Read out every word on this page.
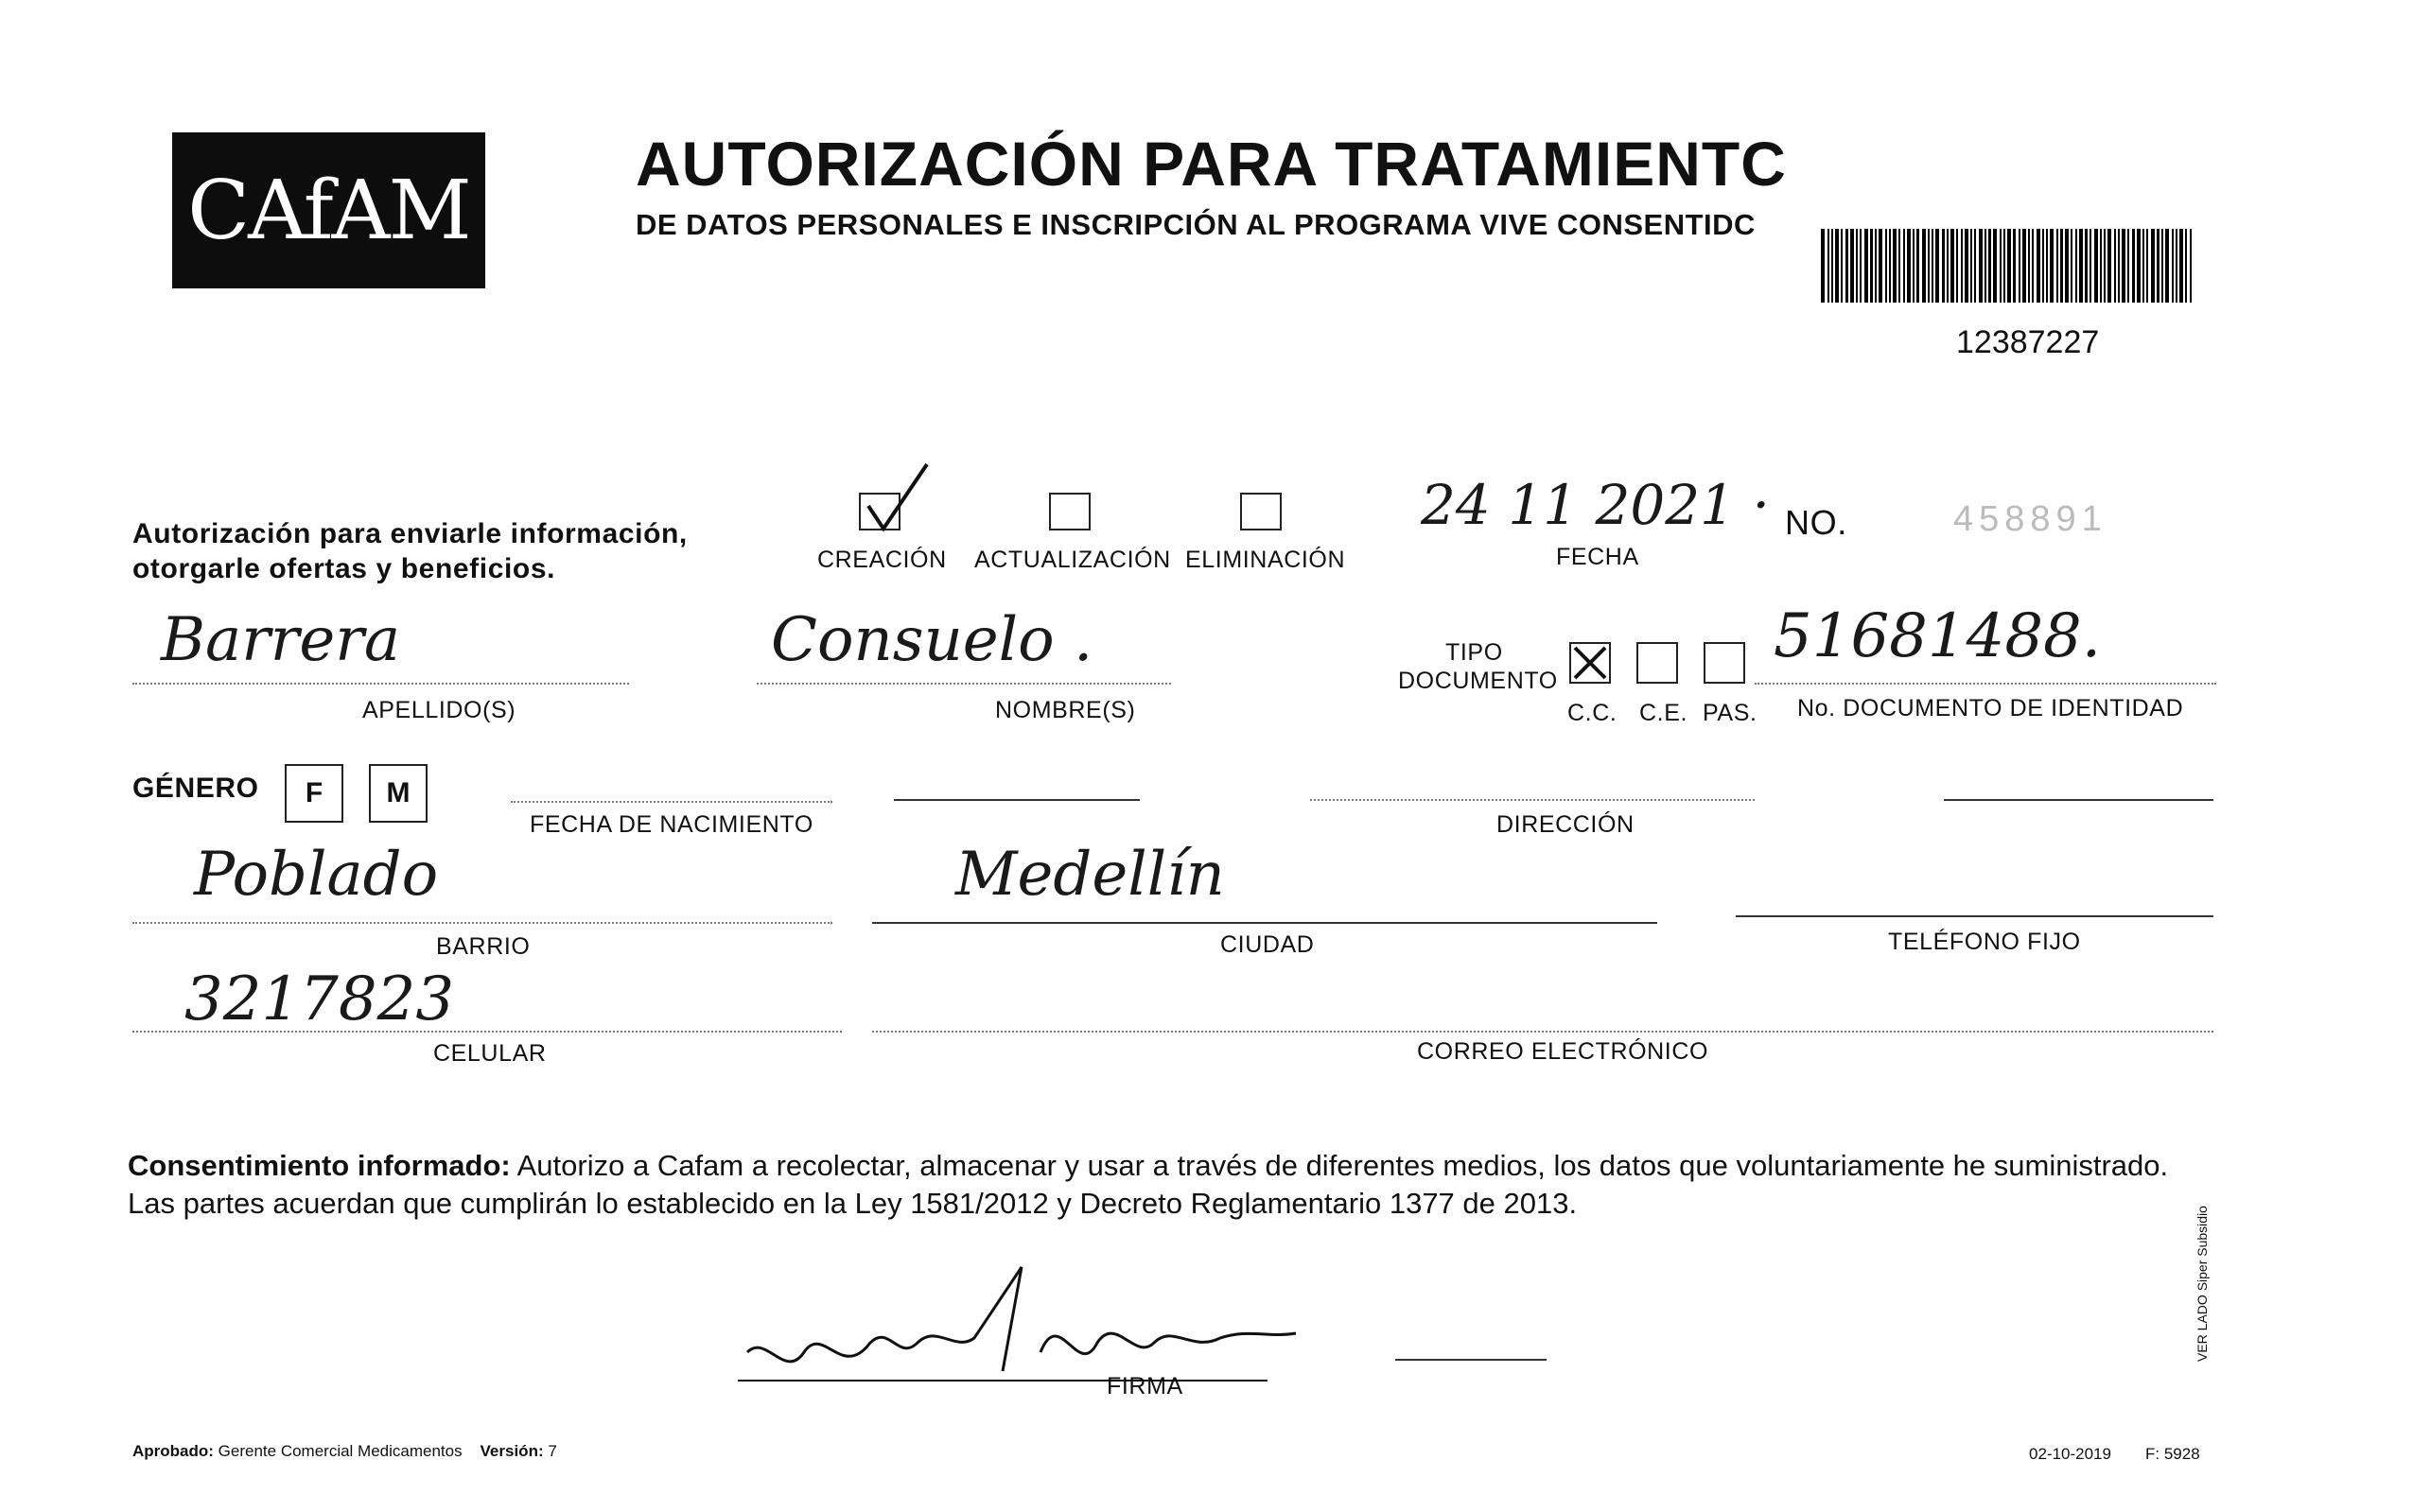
CAfAM	AUTORIZACIÓN PARA TRATAMIENTC
DE DATOS PERSONALES E INSCRIPCIÓN AL PROGRAMA VIVE CONSENTIDC
12387227
Autorización para enviarle información,
otorgarle ofertas y beneficios.	CREACIÓN ACTUALIZACIÓN ELIMINACIÓN
24 11 2021 ·
FECHA
NO.	458891
Barrera
APELLIDO(S)
Consuelo .
NOMBRE(S)
TIPO
DOCUMENTO
C.C. C.E. PAS.
51681488.
No. DOCUMENTO DE IDENTIDAD
GÉNERO F M
FECHA DE NACIMIENTO	DIRECCIÓN
Poblado
BARRIO
Medellín
CIUDAD	TELÉFONO FIJO
3217823
CELULAR	CORREO ELECTRÓNICO
Consentimiento informado: Autorizo a Cafam a recolectar, almacenar y usar a través de diferentes medios, los datos que voluntariamente he suministrado. Las partes acuerdan que cumplirán lo establecido en la Ley 1581/2012 y Decreto Reglamentario 1377 de 2013.
FIRMA
Aprobado: Gerente Comercial Medicamentos Versión: 7	02-10-2019 F: 5928
VER LADO Siper Subsidio
